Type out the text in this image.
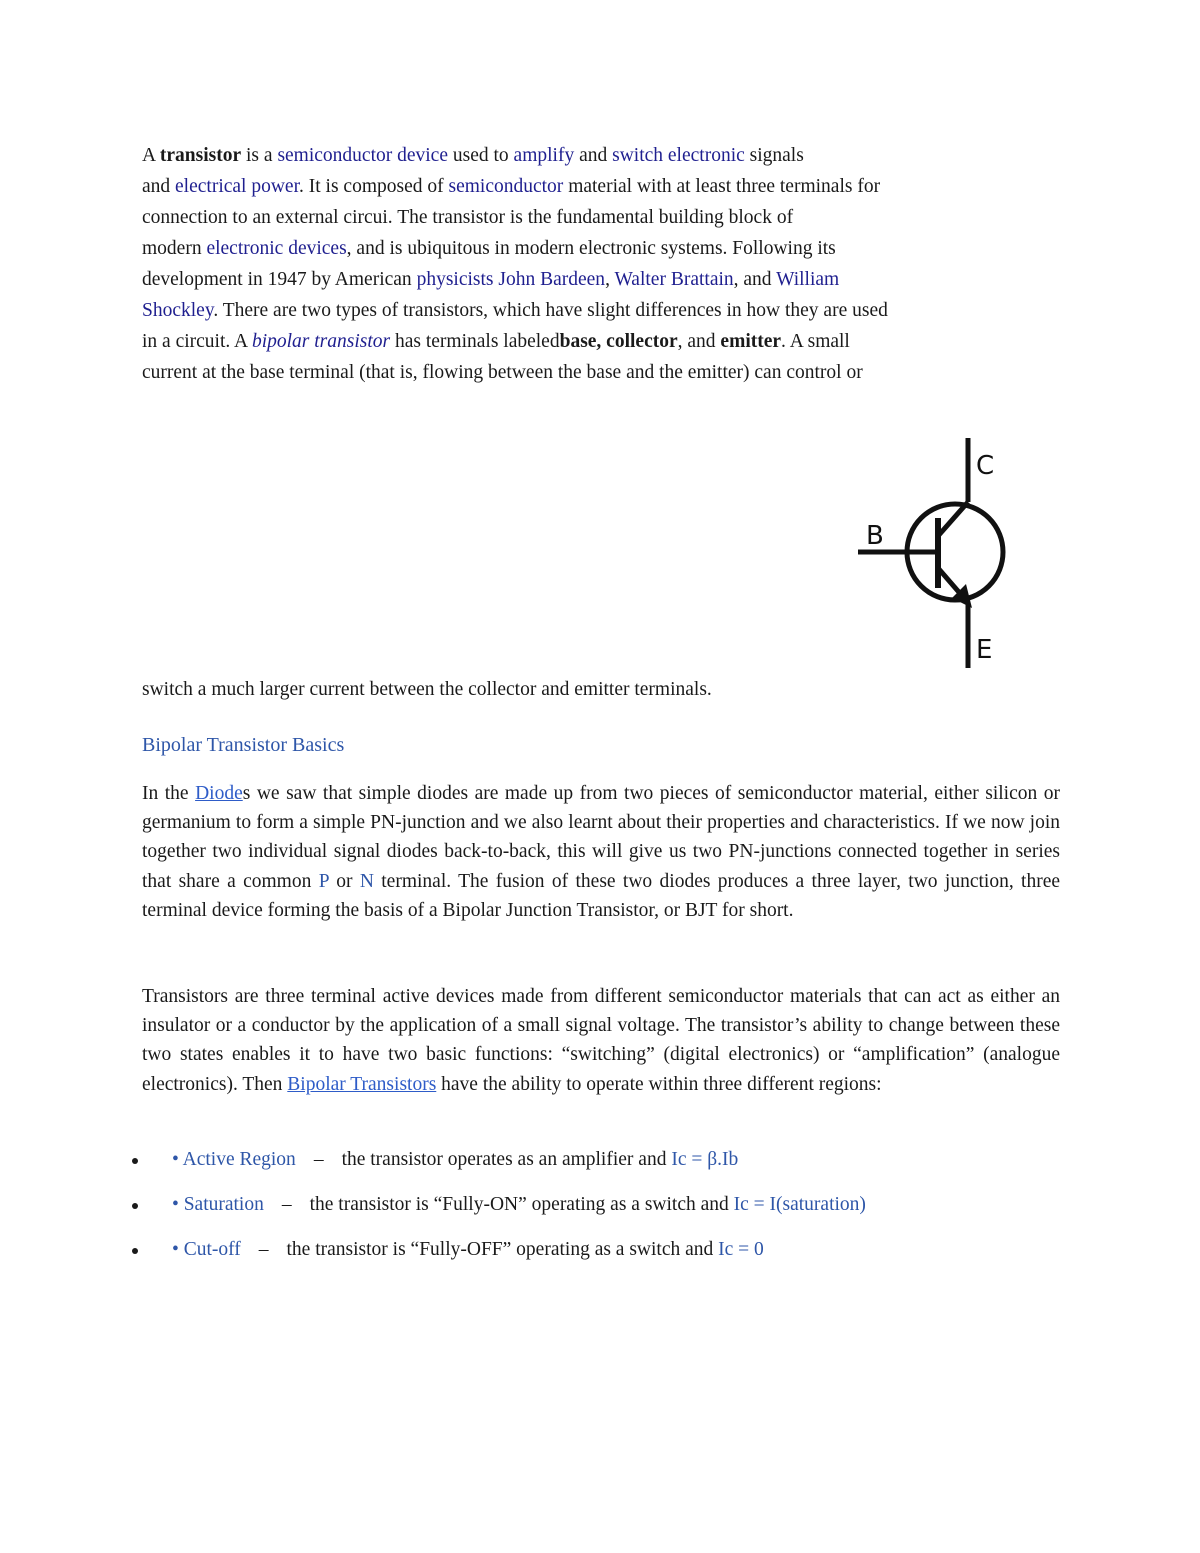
A transistor is a semiconductor device used to amplify and switch electronic signals
and electrical power. It is composed of semiconductor material with at least three terminals for
connection to an external circui. The transistor is the fundamental building block of
modern electronic devices, and is ubiquitous in modern electronic systems. Following its
development in 1947 by American physicists John Bardeen, Walter Brattain, and William
Shockley. There are two types of transistors, which have slight differences in how they are used
in a circuit. A bipolar transistor has terminals labeledbase, collector, and emitter. A small
current at the base terminal (that is, flowing between the base and the emitter) can control or
C
B
E

switch a much larger current between the collector and emitter terminals.

Bipolar Transistor Basics

In the Diodes we saw that simple diodes are made up from two pieces of semiconductor material, either silicon or germanium to form a simple PN-junction and we also learnt about their properties and characteristics. If we now join together two individual signal diodes back-to-back, this will give us two PN-junctions connected together in series that share a common P or N terminal. The fusion of these two diodes produces a three layer, two junction, three terminal device forming the basis of a Bipolar Junction Transistor, or BJT for short.

Transistors are three terminal active devices made from different semiconductor materials that can act as either an insulator or a conductor by the application of a small signal voltage. The transistor’s ability to change between these two states enables it to have two basic functions: “switching” (digital electronics) or “amplification” (analogue electronics). Then Bipolar Transistors have the ability to operate within three different regions:

• Active Region – the transistor operates as an amplifier and Ic = β.Ib
• Saturation – the transistor is “Fully-ON” operating as a switch and Ic = I(saturation)
• Cut-off – the transistor is “Fully-OFF” operating as a switch and Ic = 0
